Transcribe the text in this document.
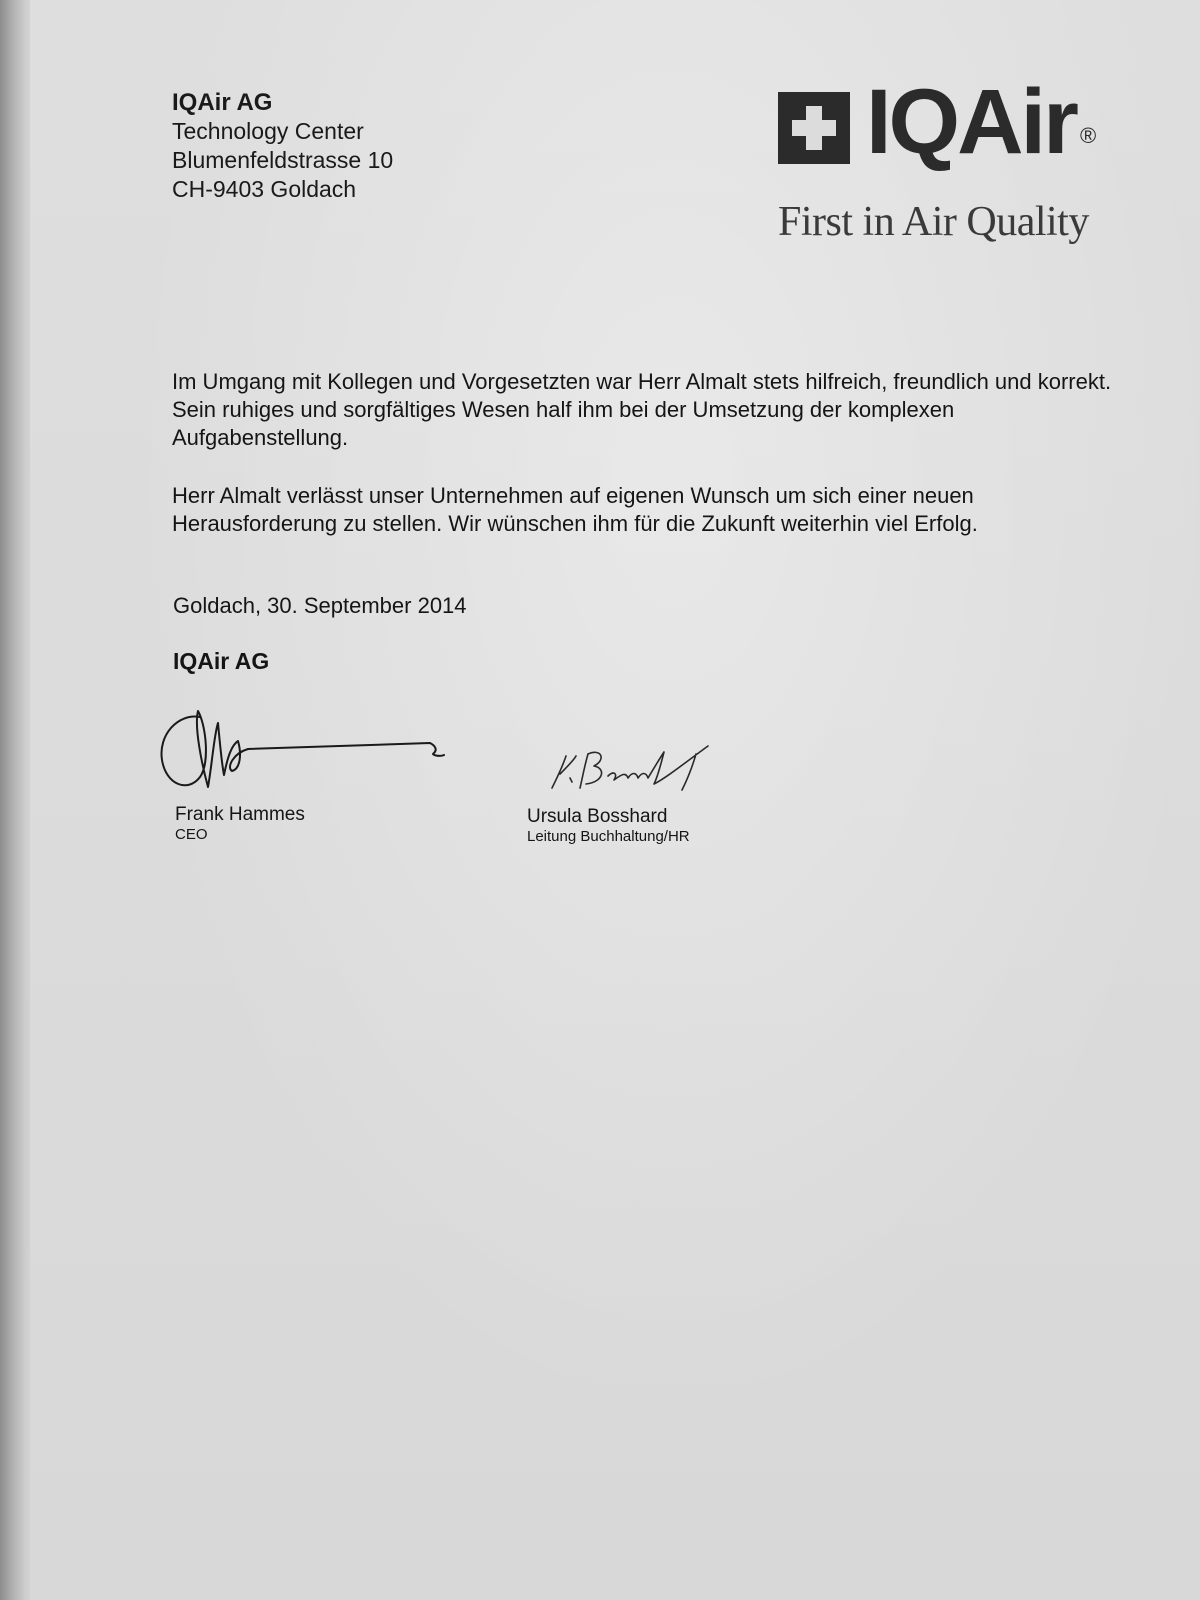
IQAir AG
Technology Center
Blumenfeldstrasse 10
CH-9403 Goldach
IQAir ®
First in Air Quality
Im Umgang mit Kollegen und Vorgesetzten war Herr Almalt stets hilfreich, freundlich und korrekt. Sein ruhiges und sorgfältiges Wesen half ihm bei der Umsetzung der komplexen Aufgabenstellung.
Herr Almalt verlässt unser Unternehmen auf eigenen Wunsch um sich einer neuen Herausforderung zu stellen. Wir wünschen ihm für die Zukunft weiterhin viel Erfolg.
Goldach, 30. September 2014
IQAir AG
Frank Hammes
CEO
Ursula Bosshard
Leitung Buchhaltung/HR
